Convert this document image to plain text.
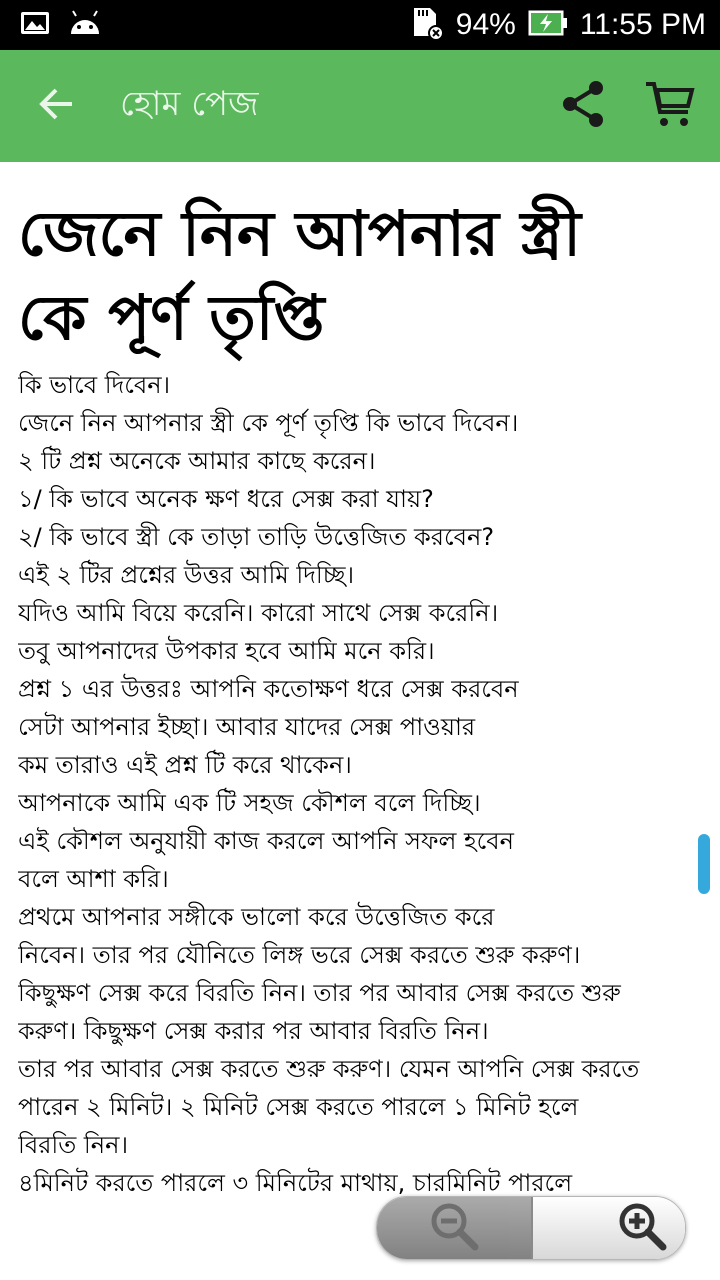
94% 11:55 PM
হোম পেজ
জেনে নিন আপনার স্ত্রী
কে পূর্ণ তৃপ্তি
কি ভাবে দিবেন।
জেনে নিন আপনার স্ত্রী কে পূর্ণ তৃপ্তি কি ভাবে দিবেন।
২ টি প্রশ্ন অনেকে আমার কাছে করেন।
১/ কি ভাবে অনেক ক্ষণ ধরে সেক্স করা যায়?
২/ কি ভাবে স্ত্রী কে তাড়া তাড়ি উত্তেজিত করবেন?
এই ২ টির প্রশ্নের উত্তর আমি দিচ্ছি।
যদিও আমি বিয়ে করেনি। কারো সাথে সেক্স করেনি।
তবু আপনাদের উপকার হবে আমি মনে করি।
প্রশ্ন ১ এর উত্তরঃ আপনি কতোক্ষণ ধরে সেক্স করবেন
সেটা আপনার ইচ্ছা। আবার যাদের সেক্স পাওয়ার
কম তারাও এই প্রশ্ন টি করে থাকেন।
আপনাকে আমি এক টি সহজ কৌশল বলে দিচ্ছি।
এই কৌশল অনুযায়ী কাজ করলে আপনি সফল হবেন
বলে আশা করি।
প্রথমে আপনার সঙ্গীকে ভালো করে উত্তেজিত করে
নিবেন। তার পর যৌনিতে লিঙ্গ ভরে সেক্স করতে শুরু করুণ।
কিছুক্ষণ সেক্স করে বিরতি নিন। তার পর আবার সেক্স করতে শুরু
করুণ। কিছুক্ষণ সেক্স করার পর আবার বিরতি নিন।
তার পর আবার সেক্স করতে শুরু করুণ। যেমন আপনি সেক্স করতে
পারেন ২ মিনিট। ২ মিনিট সেক্স করতে পারলে ১ মিনিট হলে
বিরতি নিন।
৪মিনিট করতে পারলে ৩ মিনিটের মাথায়, চারমিনিট পারলে
